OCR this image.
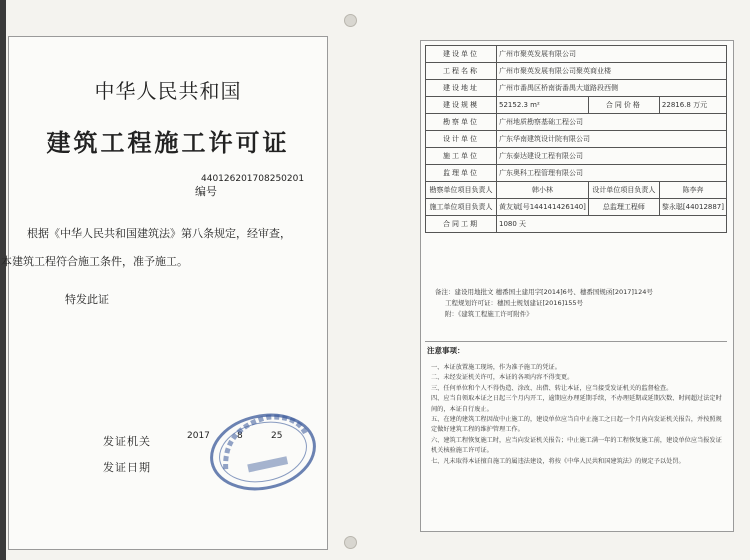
中华人民共和国
建筑工程施工许可证
编号
440126201708250201
根据《中华人民共和国建筑法》第八条规定，经审查，
本建筑工程符合施工条件，准予施工。
特发此证
发证机关
发证日期
2017	8	25
建设单位	广州市聚英发展有限公司		
工程名称	广州市聚英发展有限公司聚英商业楼		
建设地址	广州市番禺区桥南街番禺大道路段西侧		
建设规模	52152.3 m²	合同价格	22816.8 万元
勘察单位	广州地质勘察基础工程公司		
设计单位	广东华南建筑设计院有限公司		
施工单位	广东泰达建设工程有限公司		
监理单位	广东奥科工程管理有限公司		
勘察单位项目负责人	韩小林	设计单位项目负责人	陈李奔
施工单位项目负责人	黄友斌[号144141426140]	总监理工程师	黎永聪[44012887]
合同工期	1080 天		
备注：建设用地批文 穗番国土建用字[2014]6号、穗番国规函[2017]124号
工程规划许可证：穗国土规划建证[2016]155号
附：《建筑工程施工许可附件》
注意事项：
一、本证放置施工现场，作为准予施工的凭证。
二、未经发证机关许可，本证的各项内容不得变更。
三、任何单位和个人不得伪造、涂改、出借、转让本证，应当接受发证机关的监督检查。
四、应当自领取本证之日起三个月内开工，逾期应办理延期手续，不办理延期或延期次数、时间超过法定时间的，本证自行废止。
五、在建的建筑工程因故中止施工的，建设单位应当自中止施工之日起一个月内向发证机关报告，并按照规定做好建筑工程的维护管理工作。
六、建筑工程恢复施工时，应当向发证机关报告；中止施工满一年的工程恢复施工前，建设单位应当报发证机关核验施工许可证。
七、凡未取得本证擅自施工的属违法建设，将按《中华人民共和国建筑法》的规定予以处罚。
